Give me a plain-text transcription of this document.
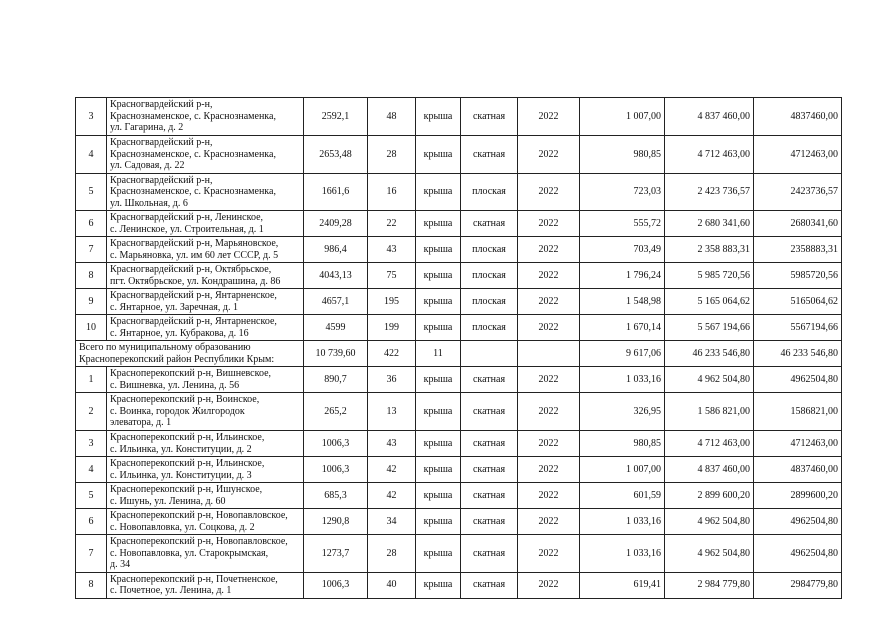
3	Красногвардейский р-н,
Краснознаменское, с. Краснознаменка,
ул. Гагарина, д. 2	2592,1	48	крыша	скатная	2022	1 007,00	4 837 460,00	4837460,00
4	Красногвардейский р-н,
Краснознаменское, с. Краснознаменка,
ул. Садовая, д. 22	2653,48	28	крыша	скатная	2022	980,85	4 712 463,00	4712463,00
5	Красногвардейский р-н,
Краснознаменское, с. Краснознаменка,
ул. Школьная, д. 6	1661,6	16	крыша	плоская	2022	723,03	2 423 736,57	2423736,57
6	Красногвардейский р-н, Ленинское,
с. Ленинское, ул. Строительная, д. 1	2409,28	22	крыша	скатная	2022	555,72	2 680 341,60	2680341,60
7	Красногвардейский р-н, Марьяновское,
с. Марьяновка, ул. им 60 лет СССР, д. 5	986,4	43	крыша	плоская	2022	703,49	2 358 883,31	2358883,31
8	Красногвардейский р-н, Октябрьское,
пгт. Октябрьское, ул. Кондрашина, д. 86	4043,13	75	крыша	плоская	2022	1 796,24	5 985 720,56	5985720,56
9	Красногвардейский р-н, Янтарненское,
с. Янтарное, ул. Заречная, д. 1	4657,1	195	крыша	плоская	2022	1 548,98	5 165 064,62	5165064,62
10	Красногвардейский р-н, Янтарненское,
с. Янтарное, ул. Кубракова, д. 16	4599	199	крыша	плоская	2022	1 670,14	5 567 194,66	5567194,66

Всего по муниципальному образованию
Красноперекопский район Республики Крым:		10 739,60	422	11			9 617,06	46 233 546,80	46 233 546,80
1	Красноперекопский р-н, Вишневское,
с. Вишневка, ул. Ленина, д. 56	890,7	36	крыша	скатная	2022	1 033,16	4 962 504,80	4962504,80
2	Красноперекопский р-н, Воинское,
с. Воинка, городок Жилгородок
элеватора, д. 1	265,2	13	крыша	скатная	2022	326,95	1 586 821,00	1586821,00
3	Красноперекопский р-н, Ильинское,
с. Ильинка, ул. Конституции, д. 2	1006,3	43	крыша	скатная	2022	980,85	4 712 463,00	4712463,00
4	Красноперекопский р-н, Ильинское,
с. Ильинка, ул. Конституции, д. 3	1006,3	42	крыша	скатная	2022	1 007,00	4 837 460,00	4837460,00
5	Красноперекопский р-н, Ишунское,
с. Ишунь, ул. Ленина, д. 60	685,3	42	крыша	скатная	2022	601,59	2 899 600,20	2899600,20
6	Красноперекопский р-н, Новопавловское,
с. Новопавловка, ул. Соцкова, д. 2	1290,8	34	крыша	скатная	2022	1 033,16	4 962 504,80	4962504,80
7	Красноперекопский р-н, Новопавловское,
с. Новопавловка, ул. Старокрымская,
д. 34	1273,7	28	крыша	скатная	2022	1 033,16	4 962 504,80	4962504,80
8	Красноперекопский р-н, Почетненское,
с. Почетное, ул. Ленина, д. 1	1006,3	40	крыша	скатная	2022	619,41	2 984 779,80	2984779,80
